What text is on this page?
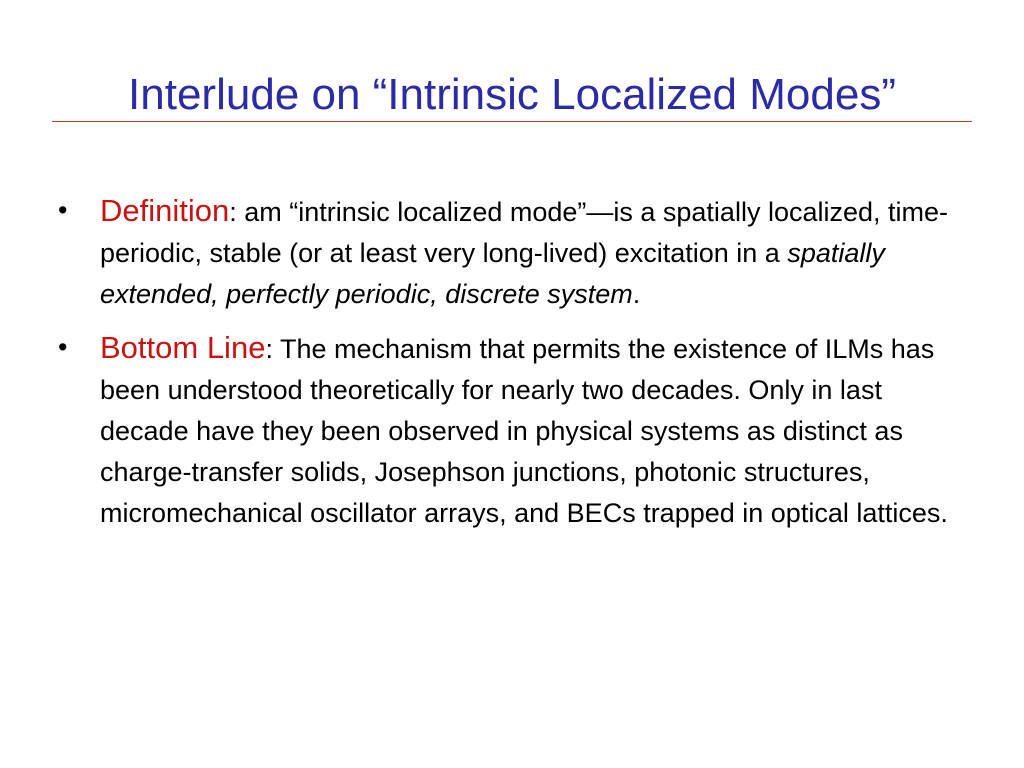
Interlude on “Intrinsic Localized Modes”
•	Definition: am “intrinsic localized mode”—is a spatially localized, time-periodic, stable (or at least very long-lived) excitation in a spatially extended, perfectly periodic, discrete system.
•	Bottom Line: The mechanism that permits the existence of ILMs has been understood theoretically for nearly two decades. Only in last decade have they been observed in physical systems as distinct as charge-transfer solids, Josephson junctions, photonic structures, micromechanical oscillator arrays, and BECs trapped in optical lattices.
